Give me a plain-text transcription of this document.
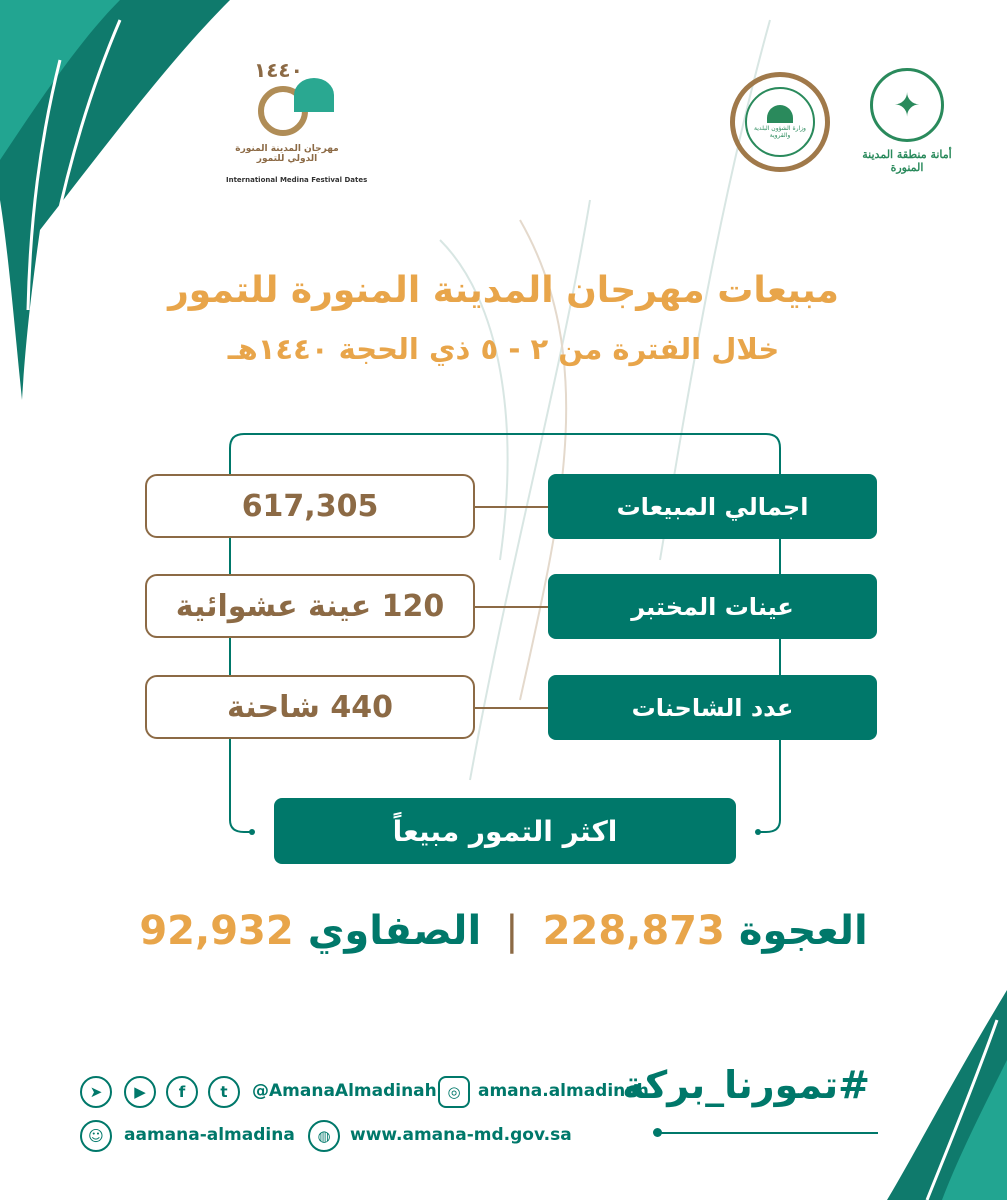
١٤٤٠
مهرجان المدينة المنورة الدولي للتمور
International Medina Festival Dates
وزارة الشؤون البلدية والقروية
✦
أمانة منطقة المدينة المنورة
مبيعات مهرجان المدينة المنورة للتمور
خلال الفترة من ٢ - ٥ ذي الحجة ١٤٤٠هـ
617,305	اجمالي المبيعات
120 عينة عشوائية	عينات المختبر
440 شاحنة	عدد الشاحنات
اكثر التمور مبيعاً
العجوة
228,873
|
الصفاوي
92,932
#تمورنا_بركة
➤	▶	f	t	@AmanaAlmadinah ◎	amana.almadinah
☺	aamana-almadina	◍	www.amana-md.gov.sa
